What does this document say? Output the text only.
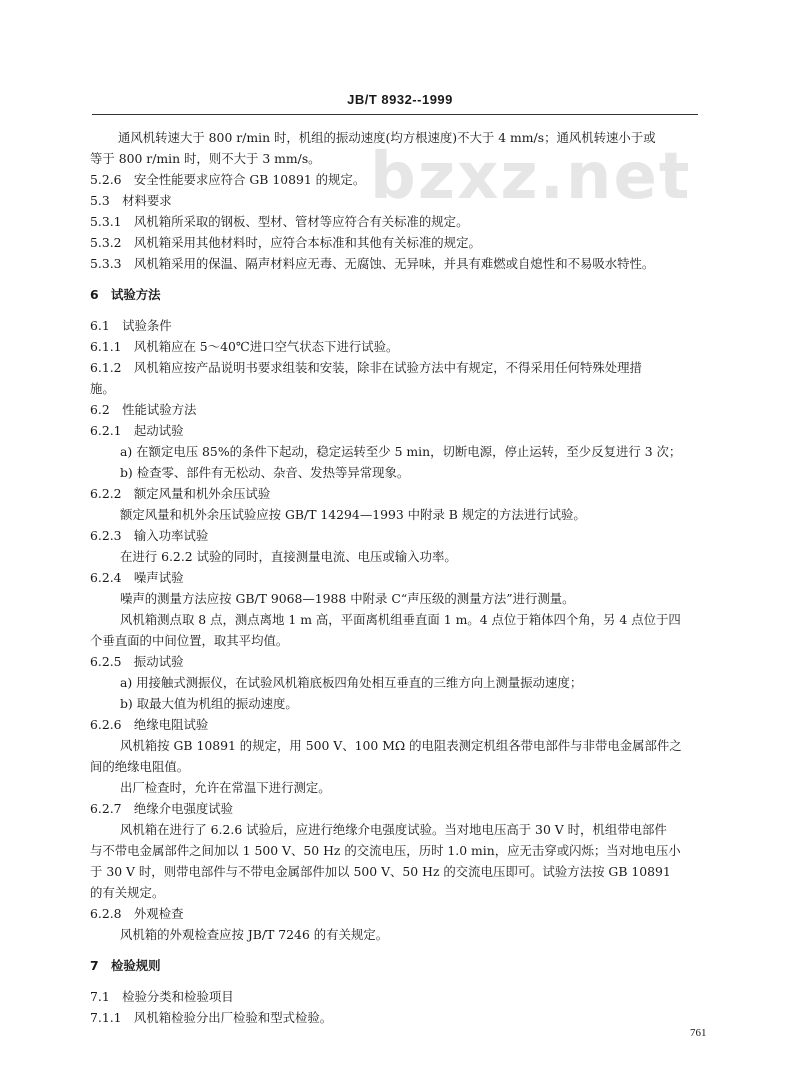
JB/T 8932--1999
bzxz.net
通风机转速大于 800 r/min 时，机组的振动速度(均方根速度)不大于 4 mm/s；通风机转速小于或
等于 800 r/min 时，则不大于 3 mm/s。
5.2.6　安全性能要求应符合 GB 10891 的规定。
5.3　材料要求
5.3.1　风机箱所采取的钢板、型材、管材等应符合有关标准的规定。
5.3.2　风机箱采用其他材料时，应符合本标准和其他有关标准的规定。
5.3.3　风机箱采用的保温、隔声材料应无毒、无腐蚀、无异味，并具有难燃或自熄性和不易吸水特性。
6　试验方法
6.1　试验条件
6.1.1　风机箱应在 5～40℃进口空气状态下进行试验。
6.1.2　风机箱应按产品说明书要求组装和安装，除非在试验方法中有规定，不得采用任何特殊处理措
施。
6.2　性能试验方法
6.2.1　起动试验
a) 在额定电压 85%的条件下起动，稳定运转至少 5 min，切断电源，停止运转，至少反复进行 3 次；
b) 检查零、部件有无松动、杂音、发热等异常现象。
6.2.2　额定风量和机外余压试验
额定风量和机外余压试验应按 GB/T 14294—1993 中附录 B 规定的方法进行试验。
6.2.3　输入功率试验
在进行 6.2.2 试验的同时，直接测量电流、电压或输入功率。
6.2.4　噪声试验
噪声的测量方法应按 GB/T 9068—1988 中附录 C“声压级的测量方法”进行测量。
风机箱测点取 8 点，测点离地 1 m 高，平面离机组垂直面 1 m。4 点位于箱体四个角，另 4 点位于四
个垂直面的中间位置，取其平均值。
6.2.5　振动试验
a) 用接触式测振仪，在试验风机箱底板四角处相互垂直的三维方向上测量振动速度；
b) 取最大值为机组的振动速度。
6.2.6　绝缘电阻试验
风机箱按 GB 10891 的规定，用 500 V、100 MΩ 的电阻表测定机组各带电部件与非带电金属部件之
间的绝缘电阻值。
出厂检查时，允许在常温下进行测定。
6.2.7　绝缘介电强度试验
风机箱在进行了 6.2.6 试验后，应进行绝缘介电强度试验。当对地电压高于 30 V 时，机组带电部件
与不带电金属部件之间加以 1 500 V、50 Hz 的交流电压，历时 1.0 min，应无击穿或闪烁；当对地电压小
于 30 V 时，则带电部件与不带电金属部件加以 500 V、50 Hz 的交流电压即可。试验方法按 GB 10891
的有关规定。
6.2.8　外观检查
风机箱的外观检查应按 JB/T 7246 的有关规定。
7　检验规则
7.1　检验分类和检验项目
7.1.1　风机箱检验分出厂检验和型式检验。
761
